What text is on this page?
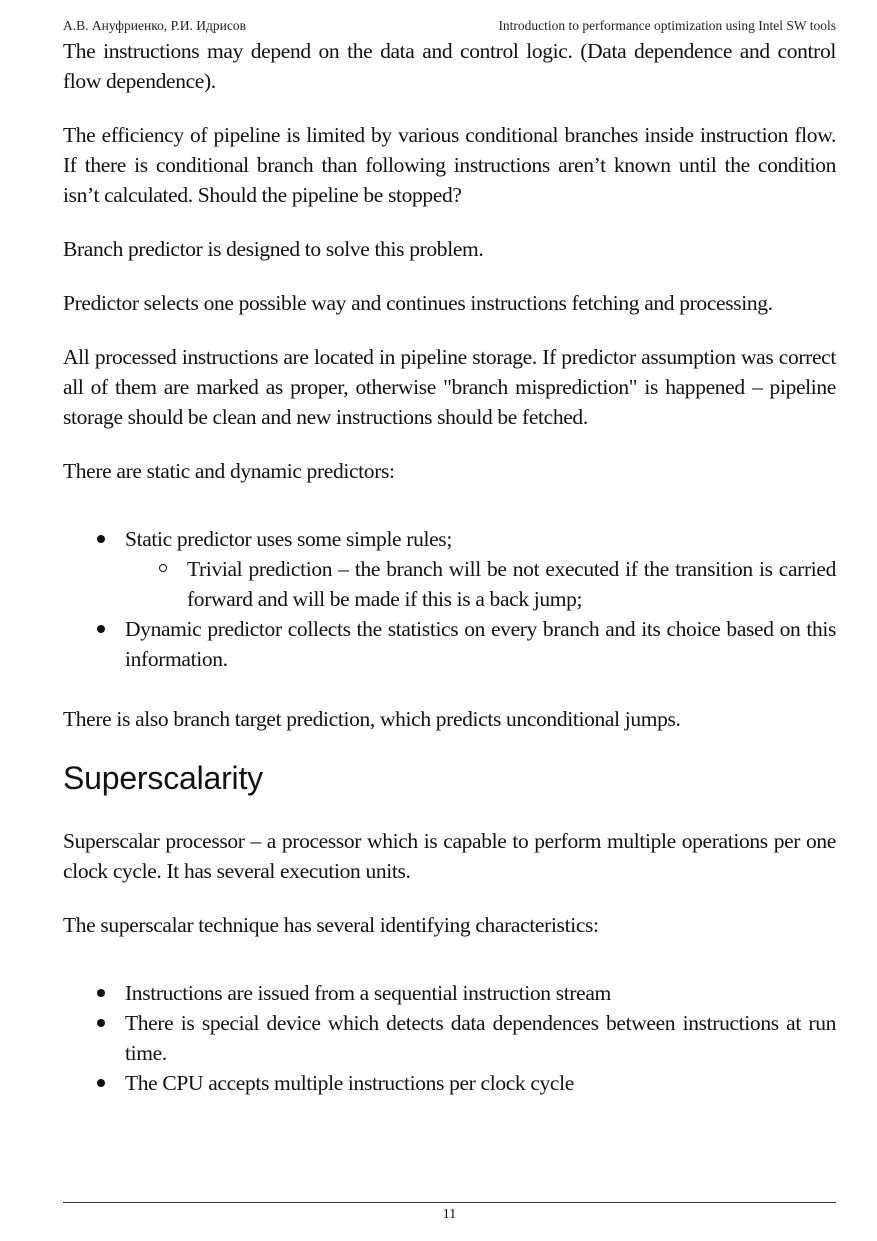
А.В. Ануфриенко, Р.И. Идрисов	Introduction to performance optimization using Intel SW tools

The instructions may depend on the data and control logic. (Data dependence and control flow dependence).

The efficiency of pipeline is limited by various conditional branches inside instruction flow. If there is conditional branch than following instructions aren’t known until the condition isn’t calculated. Should the pipeline be stopped?

Branch predictor is designed to solve this problem.

Predictor selects one possible way and continues instructions fetching and processing.

All processed instructions are located in pipeline storage. If predictor assumption was correct all of them are marked as proper, otherwise "branch misprediction" is happened – pipeline storage should be clean and new instructions should be fetched.

There are static and dynamic predictors:

Static predictor uses some simple rules;
Trivial prediction – the branch will be not executed if the transition is carried forward and will be made if this is a back jump;
Dynamic predictor collects the statistics on every branch and its choice based on this information.

There is also branch target prediction, which predicts unconditional jumps.

Superscalarity

Superscalar processor – a processor which is capable to perform multiple operations per one clock cycle. It has several execution units.

The superscalar technique has several identifying characteristics:

Instructions are issued from a sequential instruction stream
There is special device which detects data dependences between instructions at run time.
The CPU accepts multiple instructions per clock cycle
11
